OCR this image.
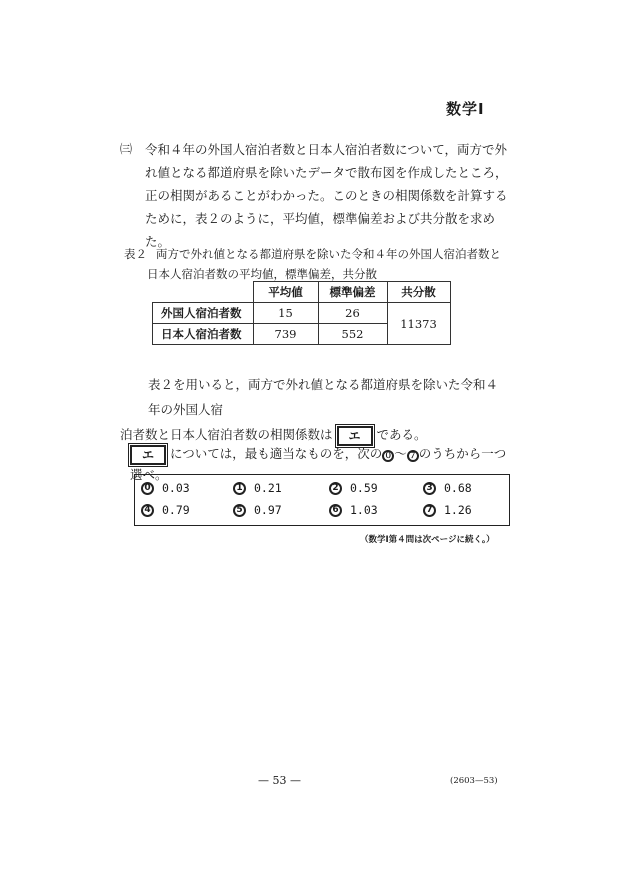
数学Ⅰ
㈢ 令和４年の外国人宿泊者数と日本人宿泊者数について，両方で外れ値となる都道府県を除いたデータで散布図を作成したところ，正の相関があることがわかった。このときの相関係数を計算するために，表２のように，平均値，標準偏差および共分散を求めた。
表２ 両方で外れ値となる都道府県を除いた令和４年の外国人宿泊者数と
日本人宿泊者数の平均値，標準偏差，共分散
	平均値	標準偏差	共分散
外国人宿泊者数	15	26	11373
日本人宿泊者数	739	552	
表２を用いると，両方で外れ値となる都道府県を除いた令和４年の外国人宿
泊者数と日本人宿泊者数の相関係数は エ である。
エ については，最も適当なものを，次の ０ ～ ７ のうちから一つ選べ。
0 0.03	1 0.21	2 0.59	3 0.68
4 0.79	5 0.97	6 1.03	7 1.26
（数学Ⅰ第４問は次ページに続く。）
— 53 —	(2603—53)
